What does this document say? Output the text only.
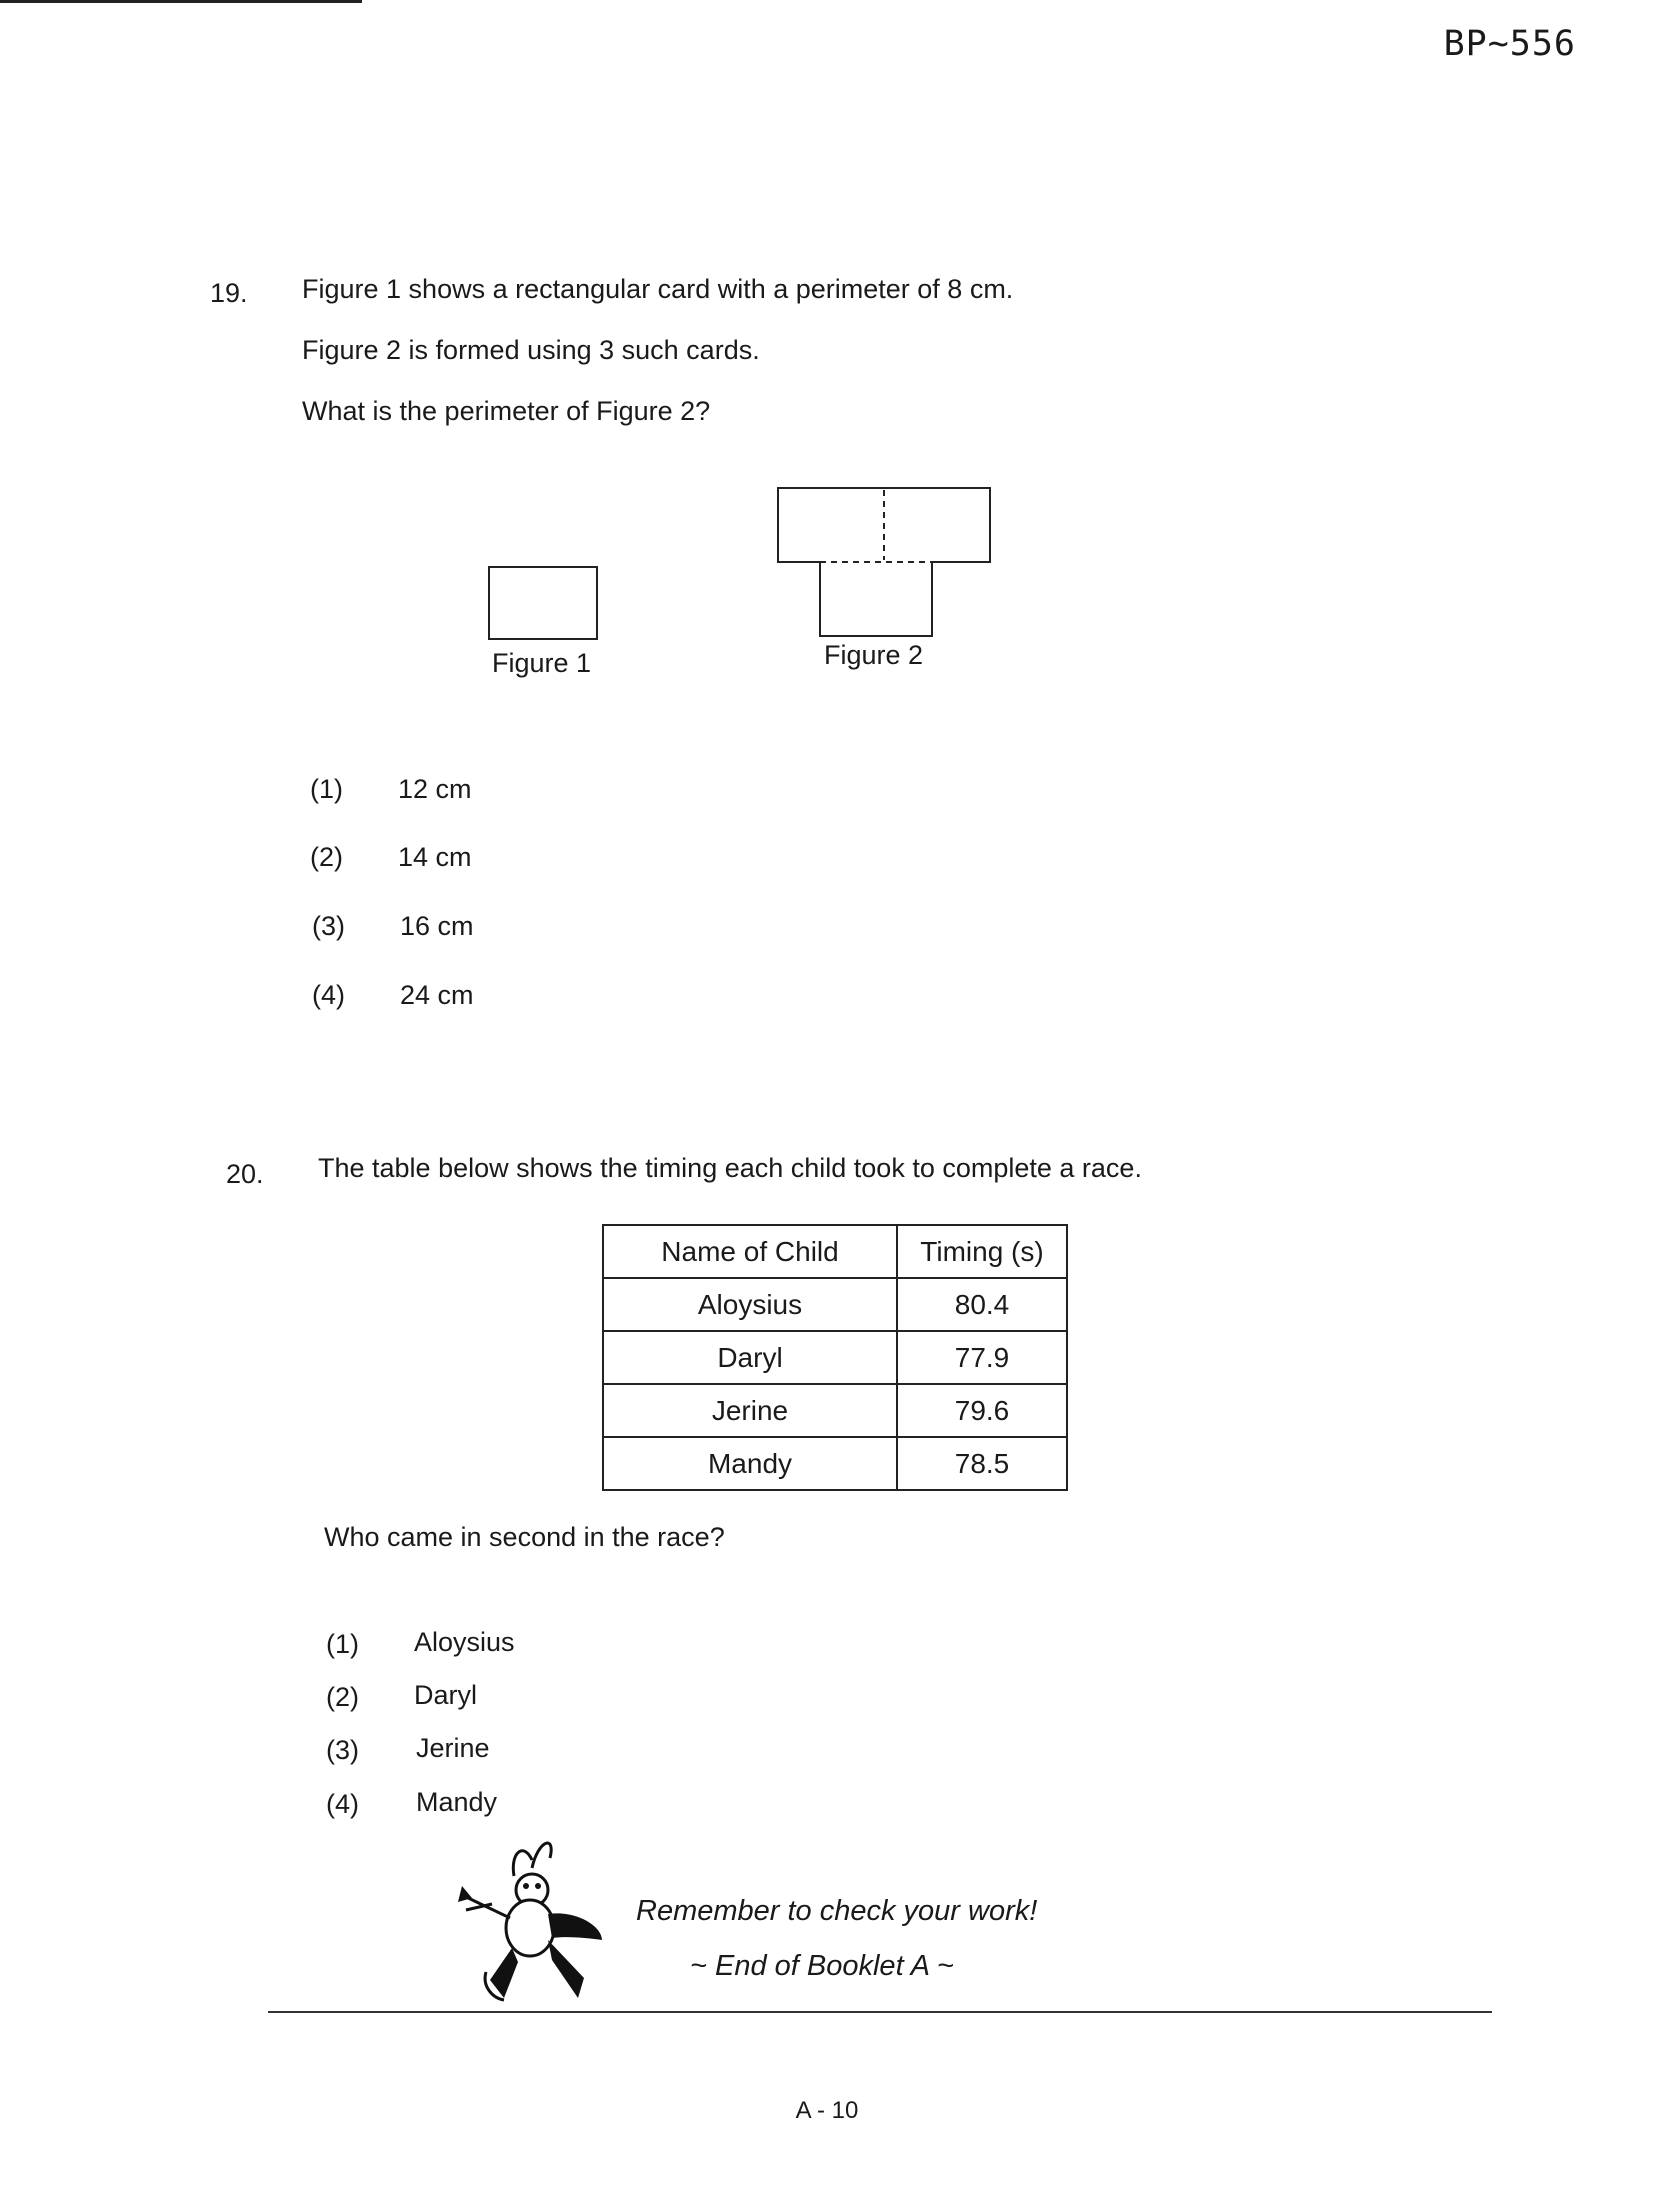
BP~556
19. Figure 1 shows a rectangular card with a perimeter of 8 cm.
Figure 2 is formed using 3 such cards.
What is the perimeter of Figure 2?
Figure 1	Figure 2
(1) 12 cm
(2) 14 cm
(3) 16 cm
(4) 24 cm
20. The table below shows the timing each child took to complete a race.
Name of Child	Timing (s)
Aloysius	80.4
Daryl	77.9
Jerine	79.6
Mandy	78.5
Who came in second in the race?
(1) Aloysius
(2) Daryl
(3) Jerine
(4) Mandy
Remember to check your work!
~ End of Booklet A ~
A - 10
